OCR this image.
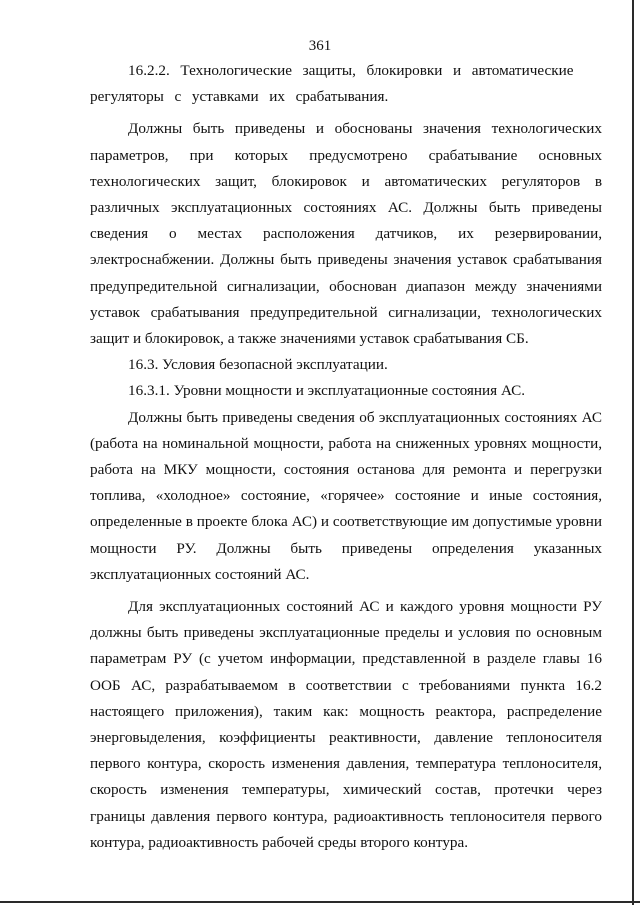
361

16.2.2. Технологические защиты, блокировки и автоматические регуляторы с уставками их срабатывания.

Должны быть приведены и обоснованы значения технологических параметров, при которых предусмотрено срабатывание основных технологических защит, блокировок и автоматических регуляторов в различных эксплуатационных состояниях АС. Должны быть приведены сведения о местах расположения датчиков, их резервировании, электроснабжении. Должны быть приведены значения уставок срабатывания предупредительной сигнализации, обоснован диапазон между значениями уставок срабатывания предупредительной сигнализации, технологических защит и блокировок, а также значениями уставок срабатывания СБ.

16.3. Условия безопасной эксплуатации.

16.3.1. Уровни мощности и эксплуатационные состояния АС.

Должны быть приведены сведения об эксплуатационных состояниях АС (работа на номинальной мощности, работа на сниженных уровнях мощности, работа на МКУ мощности, состояния останова для ремонта и перегрузки топлива, «холодное» состояние, «горячее» состояние и иные состояния, определенные в проекте блока АС) и соответствующие им допустимые уровни мощности РУ. Должны быть приведены определения указанных эксплуатационных состояний АС.

Для эксплуатационных состояний АС и каждого уровня мощности РУ должны быть приведены эксплуатационные пределы и условия по основным параметрам РУ (с учетом информации, представленной в разделе главы 16 ООБ АС, разрабатываемом в соответствии с требованиями пункта 16.2 настоящего приложения), таким как: мощность реактора, распределение энерговыделения, коэффициенты реактивности, давление теплоносителя первого контура, скорость изменения давления, температура теплоносителя, скорость изменения температуры, химический состав, протечки через границы давления первого контура, радиоактивность теплоносителя первого контура, радиоактивность рабочей среды второго контура.
